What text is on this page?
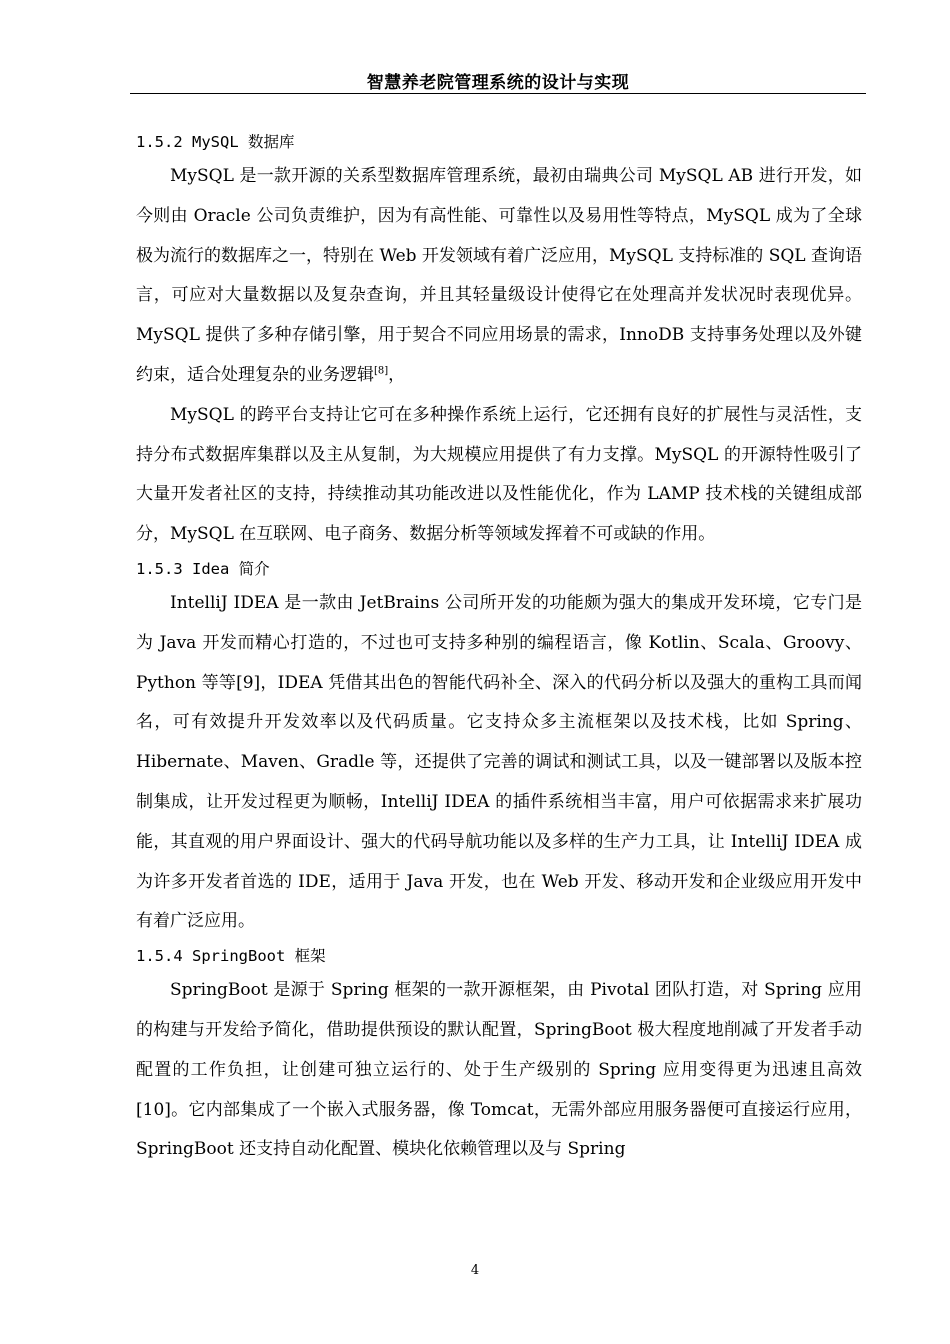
智慧养老院管理系统的设计与实现
1.5.2 MySQL 数据库

MySQL 是一款开源的关系型数据库管理系统，最初由瑞典公司 MySQL AB 进行开发，如今则由 Oracle 公司负责维护，因为有高性能、可靠性以及易用性等特点，MySQL 成为了全球极为流行的数据库之一，特别在 Web 开发领域有着广泛应用，MySQL 支持标准的 SQL 查询语言，可应对大量数据以及复杂查询，并且其轻量级设计使得它在处理高并发状况时表现优异。MySQL 提供了多种存储引擎，用于契合不同应用场景的需求，InnoDB 支持事务处理以及外键约束，适合处理复杂的业务逻辑[8]，

MySQL 的跨平台支持让它可在多种操作系统上运行，它还拥有良好的扩展性与灵活性，支持分布式数据库集群以及主从复制，为大规模应用提供了有力支撑。MySQL 的开源特性吸引了大量开发者社区的支持，持续推动其功能改进以及性能优化，作为 LAMP 技术栈的关键组成部分，MySQL 在互联网、电子商务、数据分析等领域发挥着不可或缺的作用。

1.5.3 Idea 简介

IntelliJ IDEA 是一款由 JetBrains 公司所开发的功能颇为强大的集成开发环境，它专门是为 Java 开发而精心打造的，不过也可支持多种别的编程语言，像 Kotlin、Scala、Groovy、Python 等等[9]，IDEA 凭借其出色的智能代码补全、深入的代码分析以及强大的重构工具而闻名，可有效提升开发效率以及代码质量。它支持众多主流框架以及技术栈，比如 Spring、Hibernate、Maven、Gradle 等，还提供了完善的调试和测试工具，以及一键部署以及版本控制集成，让开发过程更为顺畅，IntelliJ IDEA 的插件系统相当丰富，用户可依据需求来扩展功能，其直观的用户界面设计、强大的代码导航功能以及多样的生产力工具，让 IntelliJ IDEA 成为许多开发者首选的 IDE，适用于 Java 开发，也在 Web 开发、移动开发和企业级应用开发中有着广泛应用。

1.5.4 SpringBoot 框架

SpringBoot 是源于 Spring 框架的一款开源框架，由 Pivotal 团队打造，对 Spring 应用的构建与开发给予简化，借助提供预设的默认配置，SpringBoot 极大程度地削减了开发者手动配置的工作负担，让创建可独立运行的、处于生产级别的 Spring 应用变得更为迅速且高效[10]。它内部集成了一个嵌入式服务器，像 Tomcat，无需外部应用服务器便可直接运行应用，SpringBoot 还支持自动化配置、模块化依赖管理以及与 Spring

4
